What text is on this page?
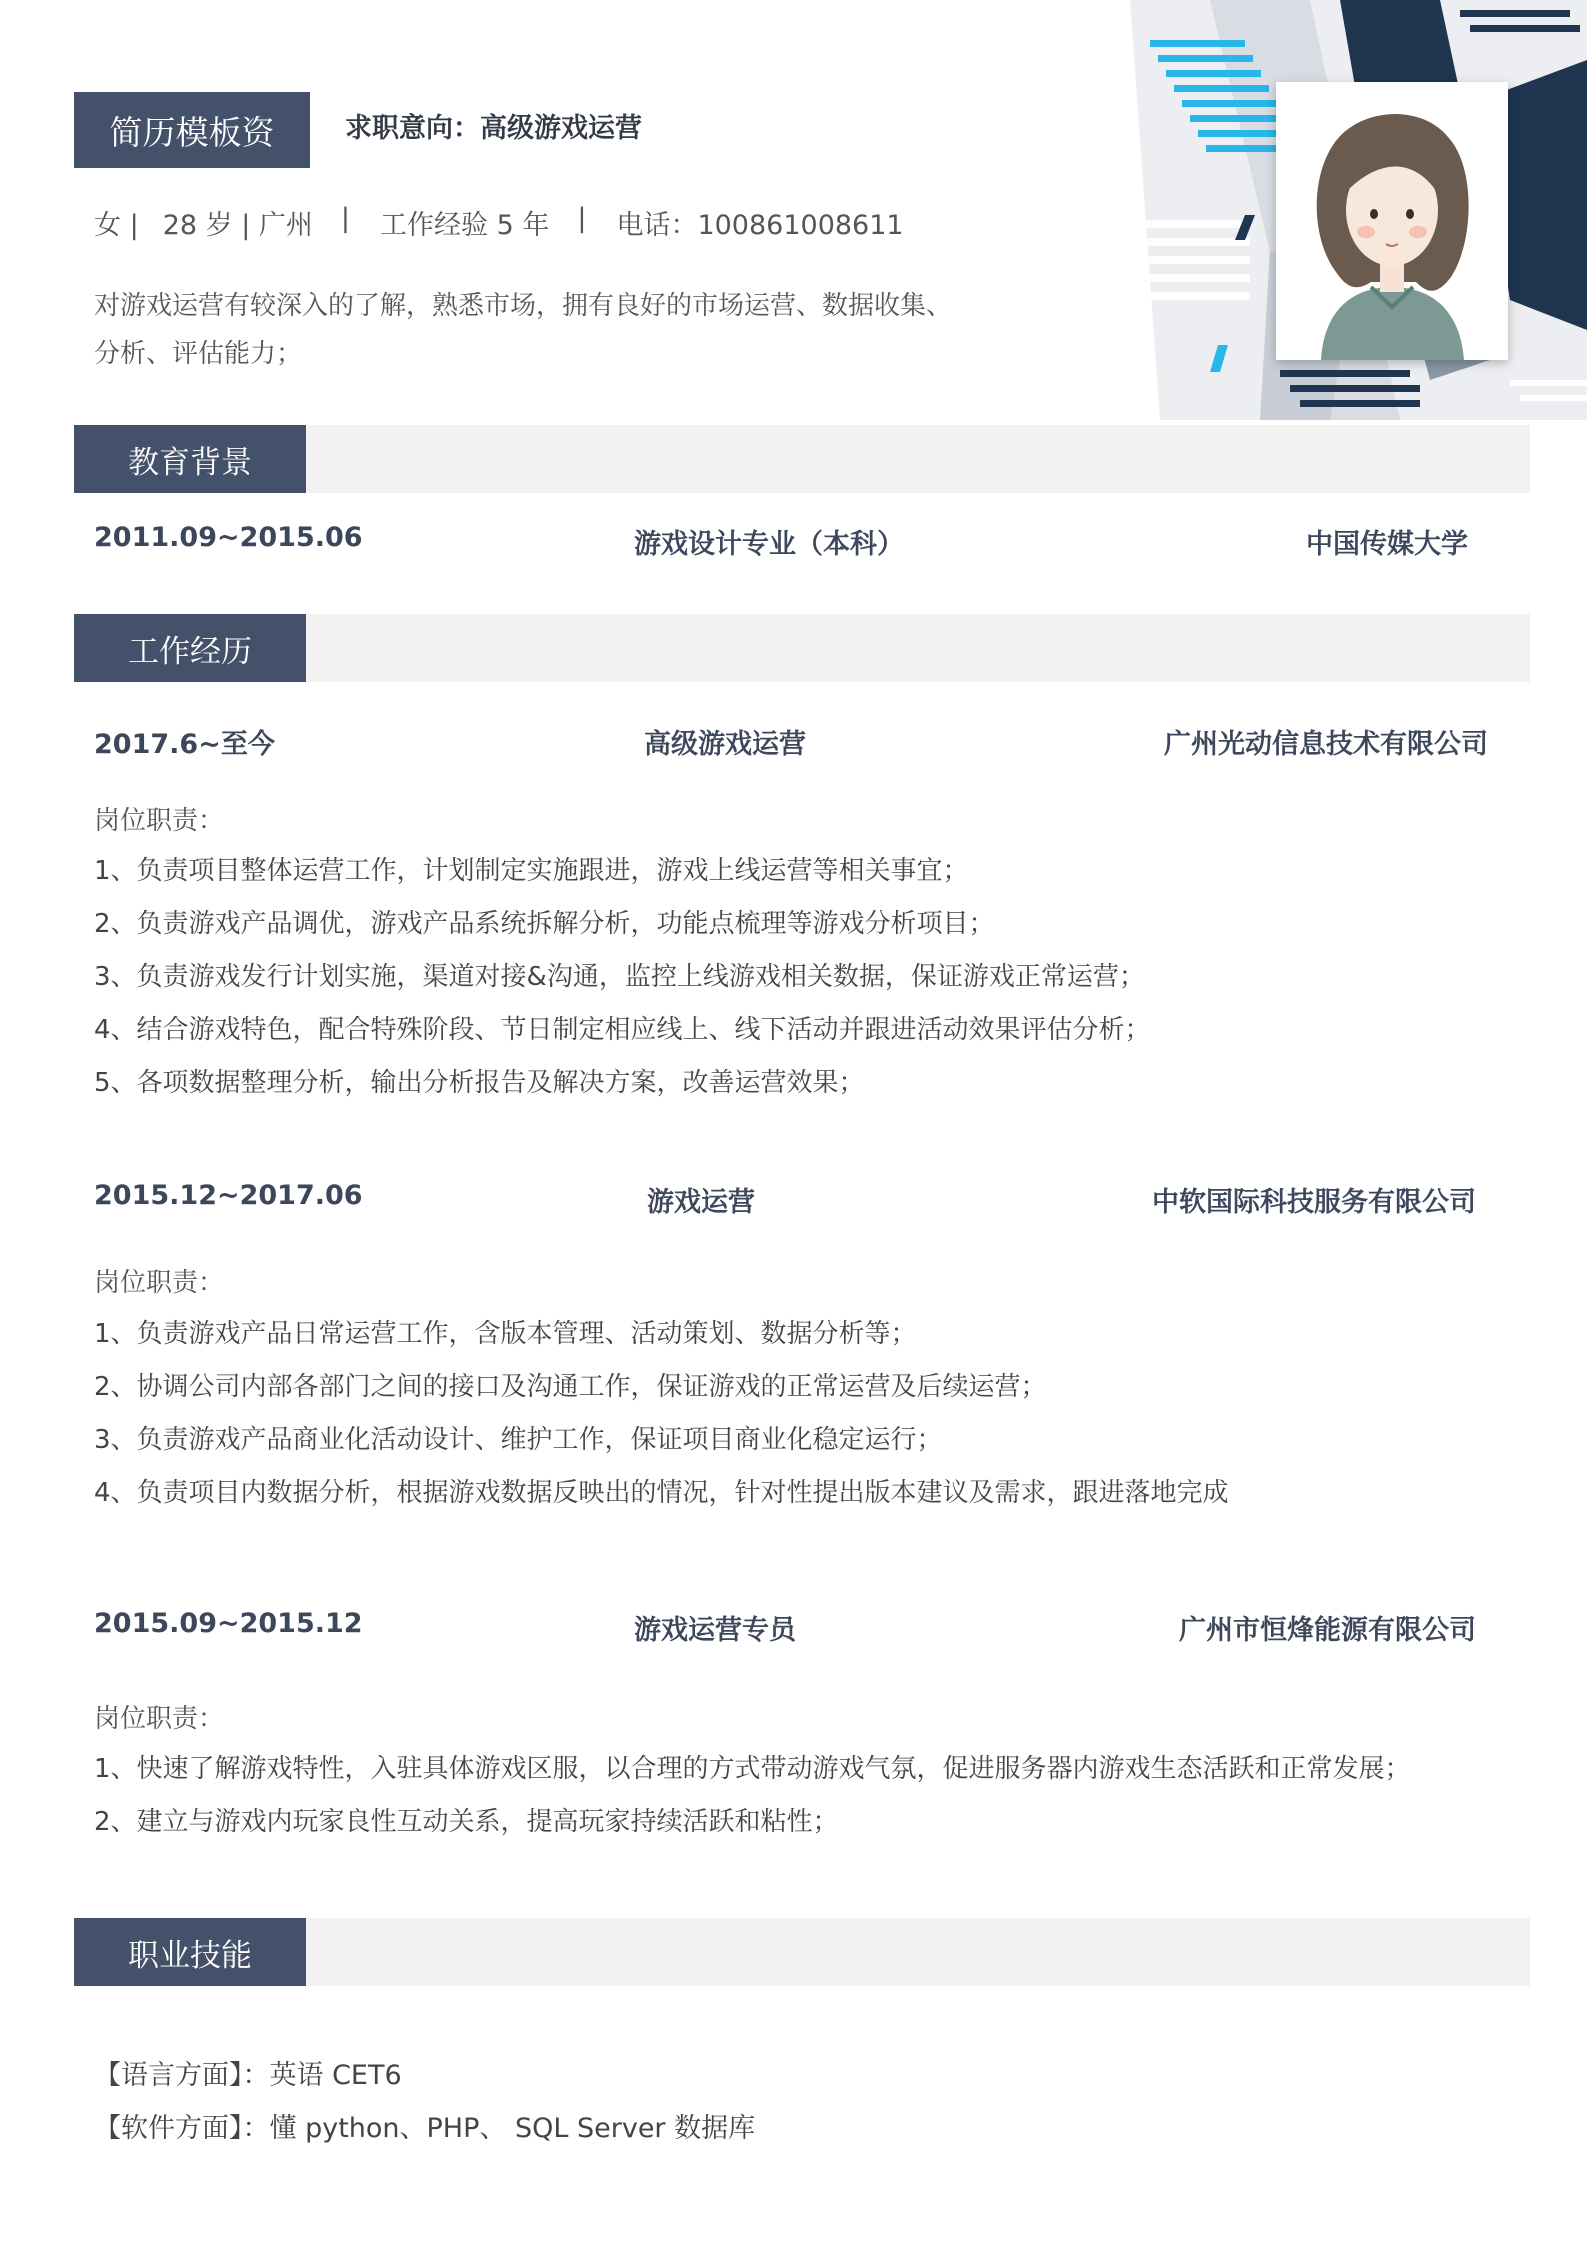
简历模板资	求职意向：高级游戏运营
女 | 28 岁 | 广州 | 工作经验 5 年 | 电话：100861008611
对游戏运营有较深入的了解，熟悉市场，拥有良好的市场运营、数据收集、分析、评估能力；
教育背景
2011.09~2015.06	游戏设计专业（本科）	中国传媒大学
工作经历
2017.6~至今	高级游戏运营	广州光动信息技术有限公司
岗位职责：
1、负责项目整体运营工作，计划制定实施跟进，游戏上线运营等相关事宜；
2、负责游戏产品调优，游戏产品系统拆解分析，功能点梳理等游戏分析项目；
3、负责游戏发行计划实施，渠道对接&沟通，监控上线游戏相关数据，保证游戏正常运营；
4、结合游戏特色，配合特殊阶段、节日制定相应线上、线下活动并跟进活动效果评估分析；
5、各项数据整理分析，输出分析报告及解决方案，改善运营效果；
2015.12~2017.06	游戏运营	中软国际科技服务有限公司
岗位职责：
1、负责游戏产品日常运营工作，含版本管理、活动策划、数据分析等；
2、协调公司内部各部门之间的接口及沟通工作，保证游戏的正常运营及后续运营；
3、负责游戏产品商业化活动设计、维护工作，保证项目商业化稳定运行；
4、负责项目内数据分析，根据游戏数据反映出的情况，针对性提出版本建议及需求，跟进落地完成
2015.09~2015.12	游戏运营专员	广州市恒烽能源有限公司
岗位职责：
1、快速了解游戏特性，入驻具体游戏区服，以合理的方式带动游戏气氛，促进服务器内游戏生态活跃和正常发展；
2、建立与游戏内玩家良性互动关系，提高玩家持续活跃和粘性；
职业技能
【语言方面】：英语 CET6
【软件方面】：懂 python、PHP、 SQL Server 数据库
